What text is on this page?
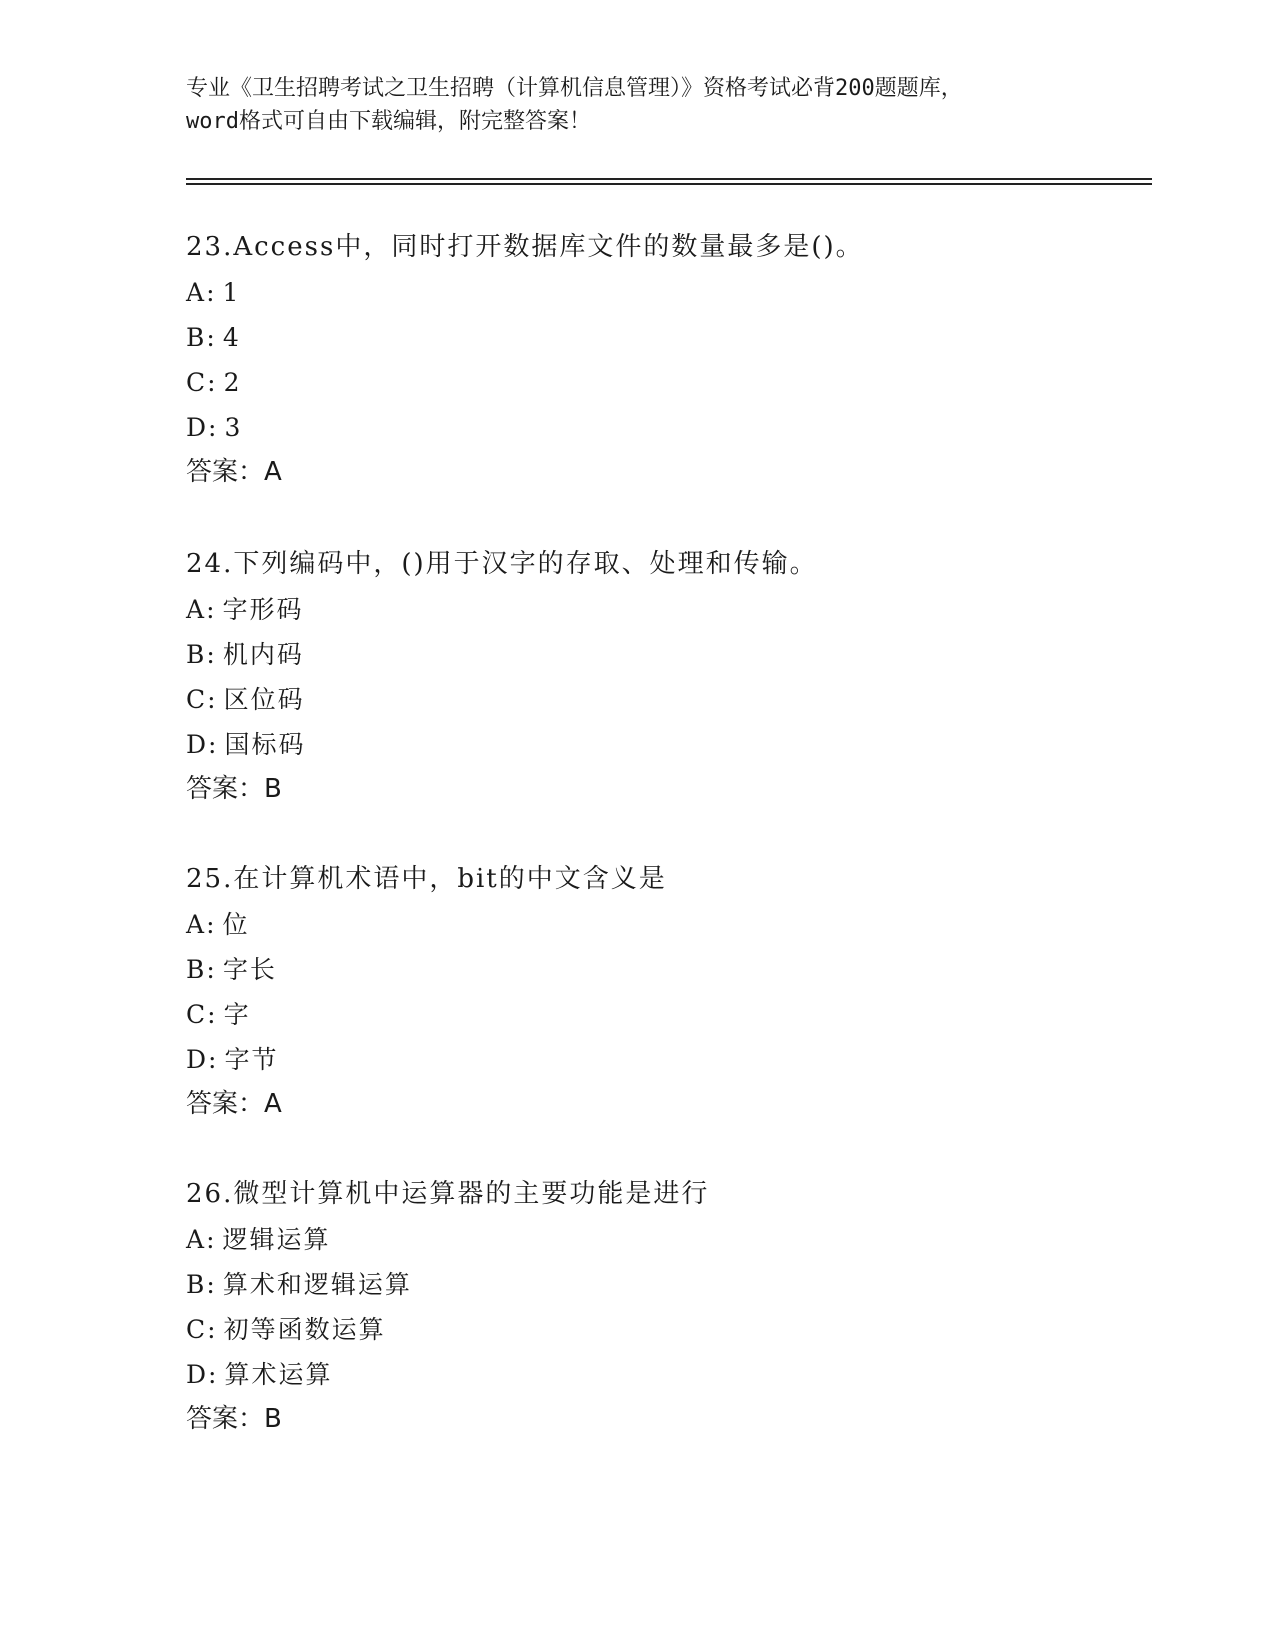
专业《卫生招聘考试之卫生招聘（计算机信息管理）》资格考试必背200题题库，
word格式可自由下载编辑，附完整答案！
23.Access中，同时打开数据库文件的数量最多是()。
A: 1
B: 4
C: 2
D: 3
答案：A
24.下列编码中，()用于汉字的存取、处理和传输。
A: 字形码
B: 机内码
C: 区位码
D: 国标码
答案：B
25.在计算机术语中，bit的中文含义是
A: 位
B: 字长
C: 字
D: 字节
答案：A
26.微型计算机中运算器的主要功能是进行
A: 逻辑运算
B: 算术和逻辑运算
C: 初等函数运算
D: 算术运算
答案：B
